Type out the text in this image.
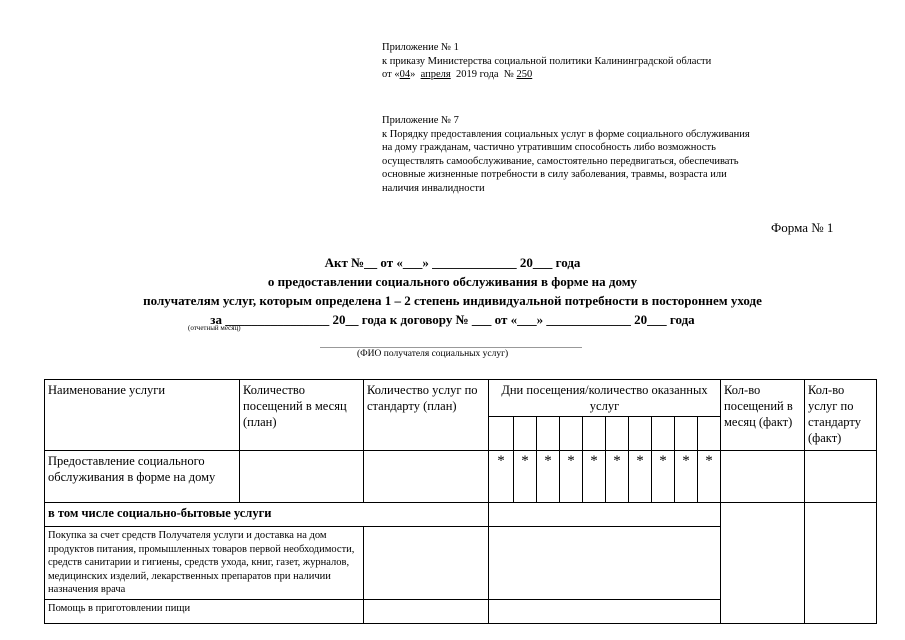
Приложение № 1
к приказу Министерства социальной политики Калининградской области
от «04» апреля 2019 года № 250
Приложение № 7
к Порядку предоставления социальных услуг в форме социального обслуживания
на дому гражданам, частично утратившим способность либо возможность
осуществлять самообслуживание, самостоятельно передвигаться, обеспечивать
основные жизненные потребности в силу заболевания, травмы, возраста или
наличия инвалидности
Форма № 1
Акт №__ от «___» _____________ 20___ года
о предоставлении социального обслуживания в форме на дому
получателям услуг, которым определена 1 – 2 степень индивидуальной потребности в постороннем уходе
за ________________ 20__ года к договору № ___ от «___» _____________ 20___ года
(отчетный месяц)
(ФИО получателя социальных услуг)
Наименование услуги	Количество посещений в месяц (план)	Количество услуг по стандарту (план)	Дни посещения/количество оказанных услуг										Кол-во посещений в месяц (факт)	Кол-во услуг по стандарту (факт)

Предоставление социального обслуживания в форме на дому			*	*	*	*	*	*	*	*	*	*		
в том числе социально-бытовые услуги														
Покупка за счет средств Получателя услуги и доставка на дом продуктов питания, промышленных товаров первой необходимости, средств санитарии и гигиены, средств ухода, книг, газет, журналов, медицинских изделий, лекарственных препаратов при наличии назначения врача														
Помощь в приготовлении пищи														
